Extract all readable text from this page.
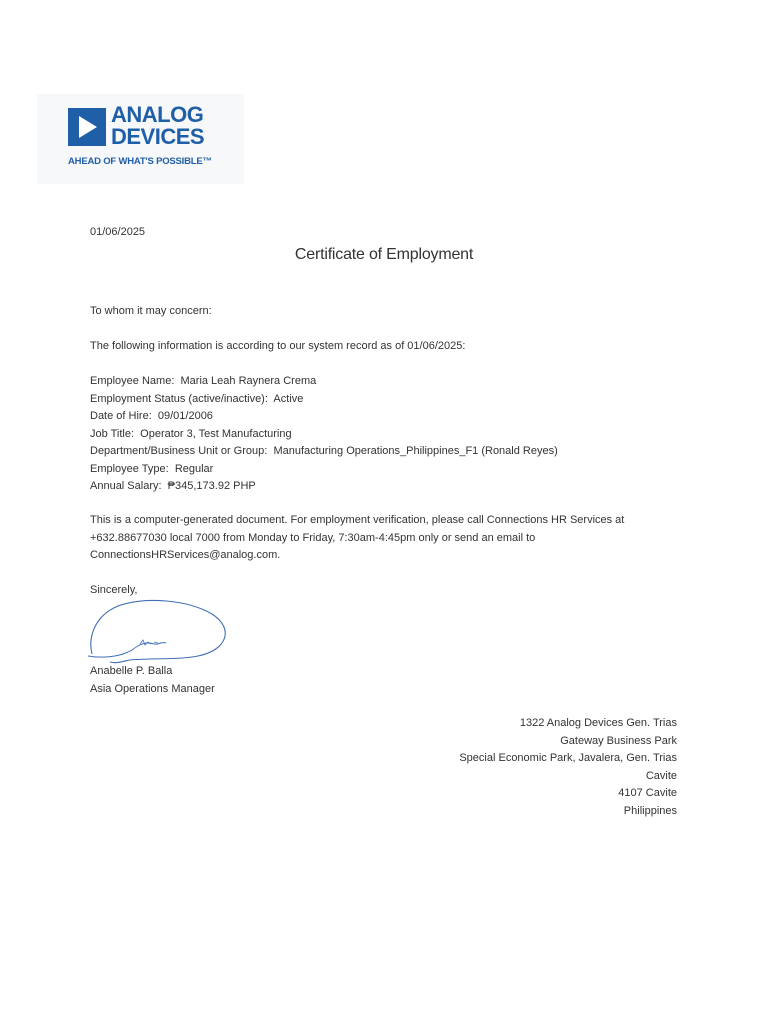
ANALOG
DEVICES
AHEAD OF WHAT'S POSSIBLE™
01/06/2025
Certificate of Employment
To whom it may concern:
The following information is according to our system record as of 01/06/2025:
Employee Name: Maria Leah Raynera Crema
Employment Status (active/inactive): Active
Date of Hire: 09/01/2006
Job Title: Operator 3, Test Manufacturing
Department/Business Unit or Group: Manufacturing Operations_Philippines_F1 (Ronald Reyes)
Employee Type: Regular
Annual Salary: ₱345,173.92 PHP
This is a computer-generated document. For employment verification, please call Connections HR Services at
+632.88677030 local 7000 from Monday to Friday, 7:30am-4:45pm only or send an email to
ConnectionsHRServices@analog.com.
Sincerely,
Anabelle P. Balla
Asia Operations Manager
1322 Analog Devices Gen. Trias
Gateway Business Park
Special Economic Park, Javalera, Gen. Trias
Cavite
4107 Cavite
Philippines
